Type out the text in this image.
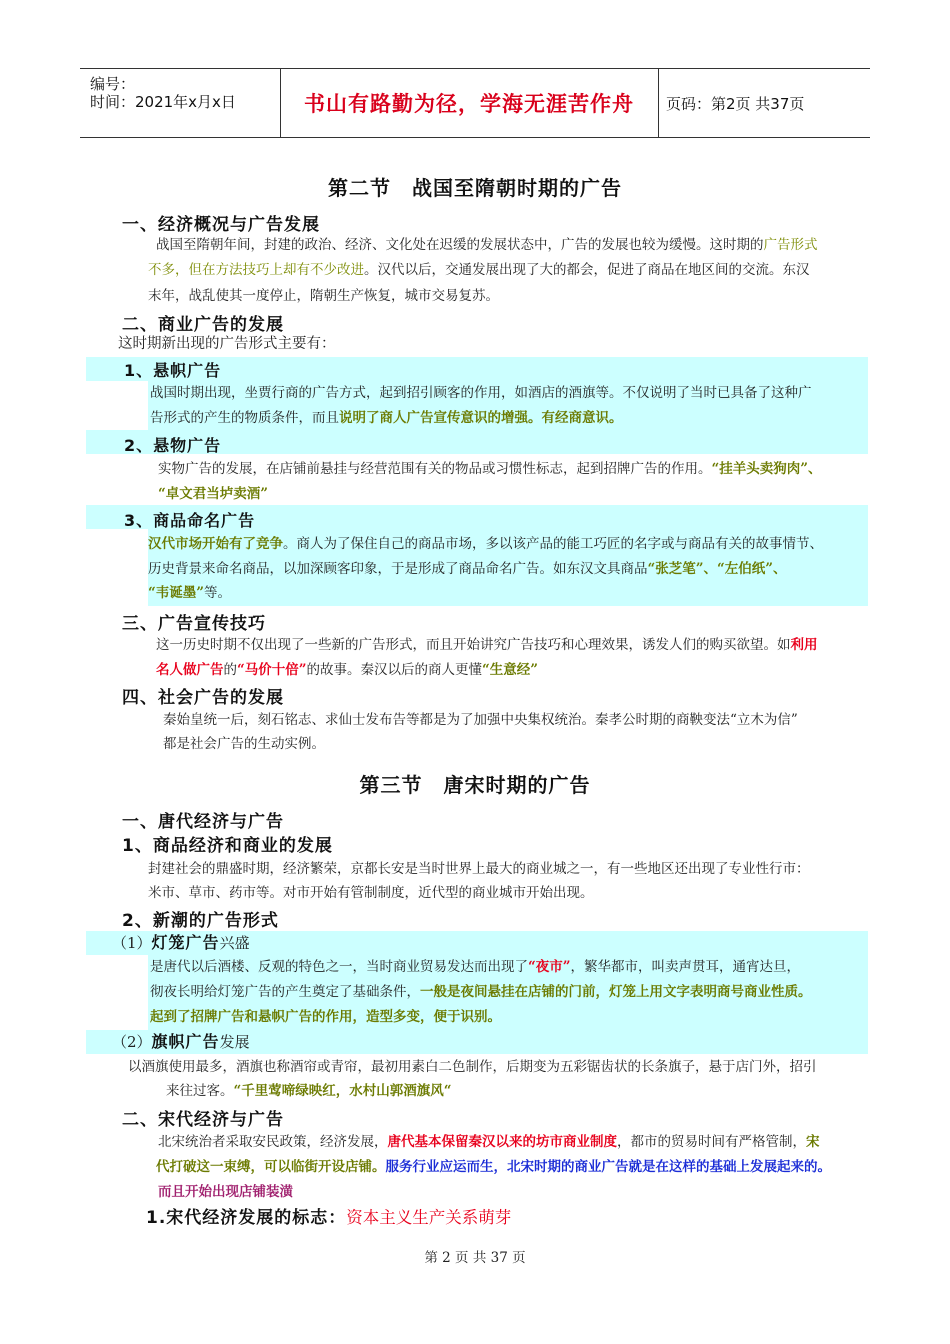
编号：
时间：2021年x月x日	书山有路勤为径，学海无涯苦作舟 页码：第2页 共37页
第二节　战国至隋朝时期的广告
一、经济概况与广告发展
战国至隋朝年间，封建的政治、经济、文化处在迟缓的发展状态中，广告的发展也较为缓慢。这时期的广告形式
不多，但在方法技巧上却有不少改进。汉代以后，交通发展出现了大的都会，促进了商品在地区间的交流。东汉
末年，战乱使其一度停止，隋朝生产恢复，城市交易复苏。
二、商业广告的发展
这时期新出现的广告形式主要有：
1、悬帜广告
战国时期出现，坐贾行商的广告方式，起到招引顾客的作用，如酒店的酒旗等。不仅说明了当时已具备了这种广
告形式的产生的物质条件，而且说明了商人广告宣传意识的增强。有经商意识。
2、悬物广告
实物广告的发展，在店铺前悬挂与经营范围有关的物品或习惯性标志，起到招牌广告的作用。“挂羊头卖狗肉”、
“卓文君当垆卖酒”
3、商品命名广告
汉代市场开始有了竞争。商人为了保住自己的商品市场，多以该产品的能工巧匠的名字或与商品有关的故事情节、
历史背景来命名商品，以加深顾客印象，于是形成了商品命名广告。如东汉文具商品“张芝笔”、“左伯纸”、
“韦诞墨”等。
三、广告宣传技巧
这一历史时期不仅出现了一些新的广告形式，而且开始讲究广告技巧和心理效果，诱发人们的购买欲望。如利用
名人做广告的“马价十倍”的故事。秦汉以后的商人更懂“生意经”
四、社会广告的发展
秦始皇统一后，刻石铭志、求仙士发布告等都是为了加强中央集权统治。秦孝公时期的商鞅变法“立木为信”
都是社会广告的生动实例。
第三节　唐宋时期的广告
一、唐代经济与广告
1、商品经济和商业的发展
封建社会的鼎盛时期，经济繁荣，京都长安是当时世界上最大的商业城之一，有一些地区还出现了专业性行市：
米市、草市、药市等。对市开始有管制制度，近代型的商业城市开始出现。
2、新潮的广告形式
（1）灯笼广告兴盛
是唐代以后酒楼、反观的特色之一，当时商业贸易发达而出现了“夜市”，繁华都市，叫卖声贯耳，通宵达旦，
彻夜长明给灯笼广告的产生奠定了基础条件，一般是夜间悬挂在店铺的门前，灯笼上用文字表明商号商业性质。
起到了招牌广告和悬帜广告的作用，造型多变，便于识别。
（2）旗帜广告发展
以酒旗使用最多，酒旗也称酒帘或青帘，最初用素白二色制作，后期变为五彩锯齿状的长条旗子，悬于店门外，招引
来往过客。“千里莺啼绿映红，水村山郭酒旗风“
二、宋代经济与广告
北宋统治者采取安民政策，经济发展，唐代基本保留秦汉以来的坊市商业制度，都市的贸易时间有严格管制，宋
代打破这一束缚，可以临街开设店铺。服务行业应运而生，北宋时期的商业广告就是在这样的基础上发展起来的。
而且开始出现店铺装潢
1.宋代经济发展的标志：资本主义生产关系萌芽
第 2 页 共 37 页
